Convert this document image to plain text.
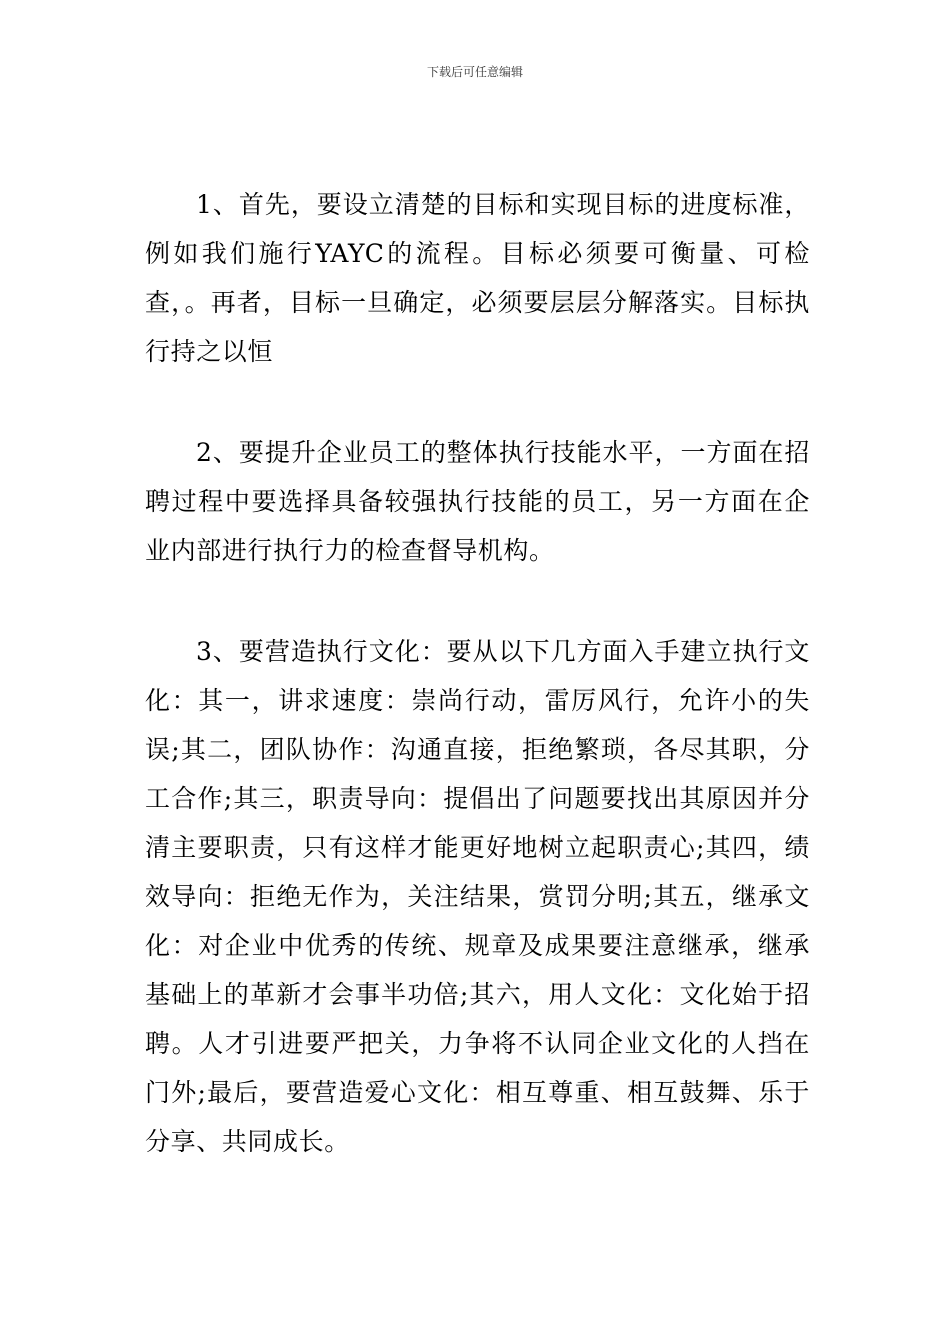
下载后可任意编辑

1、首先，要设立清楚的目标和实现目标的进度标准，例如我们施行YAYC的流程。目标必须要可衡量、可检查，。再者，目标一旦确定，必须要层层分解落实。目标执行持之以恒

2、要提升企业员工的整体执行技能水平，一方面在招聘过程中要选择具备较强执行技能的员工，另一方面在企业内部进行执行力的检查督导机构。

3、要营造执行文化：要从以下几方面入手建立执行文化：其一，讲求速度：崇尚行动，雷厉风行，允许小的失误;其二，团队协作：沟通直接，拒绝繁琐，各尽其职，分工合作;其三，职责导向：提倡出了问题要找出其原因并分清主要职责，只有这样才能更好地树立起职责心;其四，绩效导向：拒绝无作为，关注结果，赏罚分明;其五，继承文化：对企业中优秀的传统、规章及成果要注意继承，继承基础上的革新才会事半功倍;其六，用人文化：文化始于招聘。人才引进要严把关，力争将不认同企业文化的人挡在门外;最后，要营造爱心文化：相互尊重、相互鼓舞、乐于分享、共同成长。
